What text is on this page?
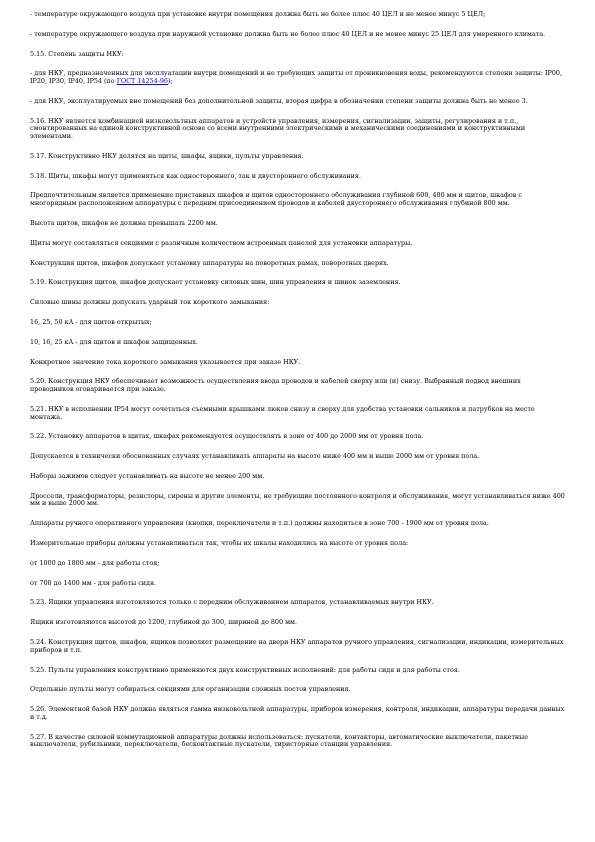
- температуре окружающего воздуха при установке внутри помещения должна быть не более плюс 40 ЦЕЛ и не менее минус 5 ЦЕЛ;

- температуре окружающего воздуха при наружной установке должна быть не более плюс 40 ЦЕЛ и не менее минус 25 ЦЕЛ для умеренного климата.

5.15. Степень защиты НКУ:

- для НКУ, предназначенных для эксплуатации внутри помещений и не требующих защиты от проникновения воды, рекомендуются степени защиты: IP00, IP20, IP30, IP40, IP54 (по ГОСТ 14254-96);

- для НКУ, эксплуатируемых вне помещений без дополнительной защиты, вторая цифра в обозначении степени защиты должна быть не менее 3.

5.16. НКУ является комбинацией низковольтных аппаратов и устройств управления, измерения, сигнализации, защиты, регулирования и т.п., смонтированных на единой конструктивной основе со всеми внутренними электрическими и механическими соединениями и конструктивными элементами.

5.17. Конструктивно НКУ делятся на щиты, шкафы, ящики, пульты управления.

5.18. Щиты, шкафы могут применяться как одностороннего, так и двустороннего обслуживания.

Предпочтительным является применение приставных шкафов и щитов одностороннего обслуживания глубиной 600, 400 мм и щитов, шкафов с многорядным расположением аппаратуры с передним присоединением проводов и кабелей двустороннего обслуживания глубиной 800 мм.

Высота щитов, шкафов не должна превышать 2200 мм.

Щиты могут составляться секциями с различным количеством встроенных панелей для установки аппаратуры.

Конструкция щитов, шкафов допускает установку аппаратуры на поворотных рамах, поворотных дверях.

5.19. Конструкция щитов, шкафов допускает установку силовых шин, шин управления и шинок заземления.

Силовые шины должны допускать ударный ток короткого замыкания:

16, 25, 50 кА - для щитов открытых;

10, 16, 25 кА - для щитов и шкафов защищенных.

Конкретное значение тока короткого замыкания указывается при заказе НКУ.

5.20. Конструкция НКУ обеспечивает возможность осуществления ввода проводов и кабелей сверху или (и) снизу. Выбранный подвод внешних проводников оговаривается при заказе.

5.21. НКУ в исполнении IP54 могут сочетаться съемными крышками люков снизу и сверху для удобства установки сальников и патрубков на месте монтажа.

5.22. Установку аппаратов в щитах, шкафах рекомендуется осуществлять в зоне от 400 до 2000 мм от уровня пола.

Допускается в технически обоснованных случаях устанавливать аппараты на высоте ниже 400 мм и выше 2000 мм от уровня пола.

Наборы зажимов следует устанавливать на высоте не менее 200 мм.

Дроссели, трансформаторы, резисторы, сирены и другие элементы, не требующие постоянного контроля и обслуживания, могут устанавливаться ниже 400 мм и выше 2000 мм.

Аппараты ручного оперативного управления (кнопки, переключатели и т.п.) должны находиться в зоне 700 - 1900 мм от уровня пола.

Измерительные приборы должны устанавливаться так, чтобы их шкалы находились на высоте от уровня пола:

от 1000 до 1800 мм - для работы стоя;

от 700 до 1400 мм - для работы сидя.

5.23. Ящики управления изготовляются только с передним обслуживанием аппаратов, устанавливаемых внутри НКУ.

Ящики изготовляются высотой до 1200, глубиной до 300, шириной до 800 мм.

5.24. Конструкция щитов, шкафов, ящиков позволяет размещение на двери НКУ аппаратов ручного управления, сигнализации, индикации, измерительных приборов и т.п.

5.25. Пульты управления конструктивно применяются двух конструктивных исполнений: для работы сидя и для работы стоя.

Отдельные пульты могут собираться секциями для организации сложных постов управления.

5.26. Элементной базой НКУ должна являться гамма низковольтной аппаратуры, приборов измерения, контроля, индикации, аппаратуры передачи данных и т.д.

5.27. В качестве силовой коммутационной аппаратуры должны использоваться: пускатели, контакторы, автоматические выключатели, пакетные выключатели, рубильники, переключатели, бесконтактные пускатели, тиристорные станции управления.
